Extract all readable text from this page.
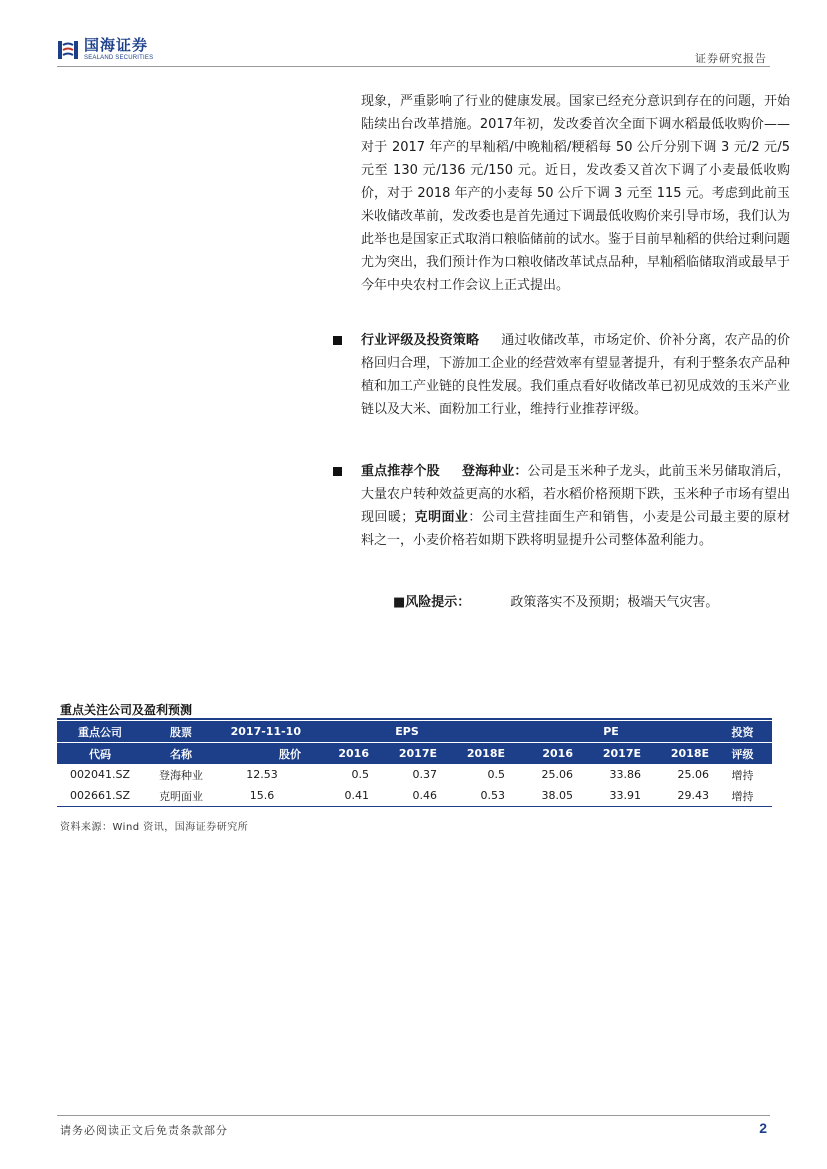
国海证券
SEALAND SECURITIES	证券研究报告
现象，严重影响了行业的健康发展。国家已经充分意识到存在的问题，开始陆续出台改革措施。2017年初，发改委首次全面下调水稻最低收购价——对于 2017 年产的早籼稻/中晚籼稻/粳稻每 50 公斤分别下调 3 元/2 元/5 元至 130 元/136 元/150 元。近日，发改委又首次下调了小麦最低收购价，对于 2018 年产的小麦每 50 公斤下调 3 元至 115 元。考虑到此前玉米收储改革前，发改委也是首先通过下调最低收购价来引导市场，我们认为此举也是国家正式取消口粮临储前的试水。鉴于目前早籼稻的供给过剩问题尤为突出，我们预计作为口粮收储改革试点品种，早籼稻临储取消或最早于今年中央农村工作会议上正式提出。
行业评级及投资策略 通过收储改革，市场定价、价补分离，农产品的价格回归合理，下游加工企业的经营效率有望显著提升，有利于整条农产品种植和加工产业链的良性发展。我们重点看好收储改革已初见成效的玉米产业链以及大米、面粉加工行业，维持行业推荐评级。
重点推荐个股 登海种业：公司是玉米种子龙头，此前玉米另储取消后，大量农户转种效益更高的水稻，若水稻价格预期下跌，玉米种子市场有望出现回暖；克明面业：公司主营挂面生产和销售，小麦是公司最主要的原材料之一，小麦价格若如期下跌将明显提升公司整体盈利能力。
■风险提示：	政策落实不及预期；极端天气灾害。
重点关注公司及盈利预测
重点公司	股票	2017-11-10		EPS			PE		投资
代码	名称	股价	2016	2017E	2018E	2016	2017E	2018E	评级
002041.SZ	登海种业	12.53	0.5	0.37	0.5	25.06	33.86	25.06	增持
002661.SZ	克明面业	15.6	0.41	0.46	0.53	38.05	33.91	29.43	增持
资料来源：Wind 资讯，国海证券研究所
请务必阅读正文后免责条款部分	2
